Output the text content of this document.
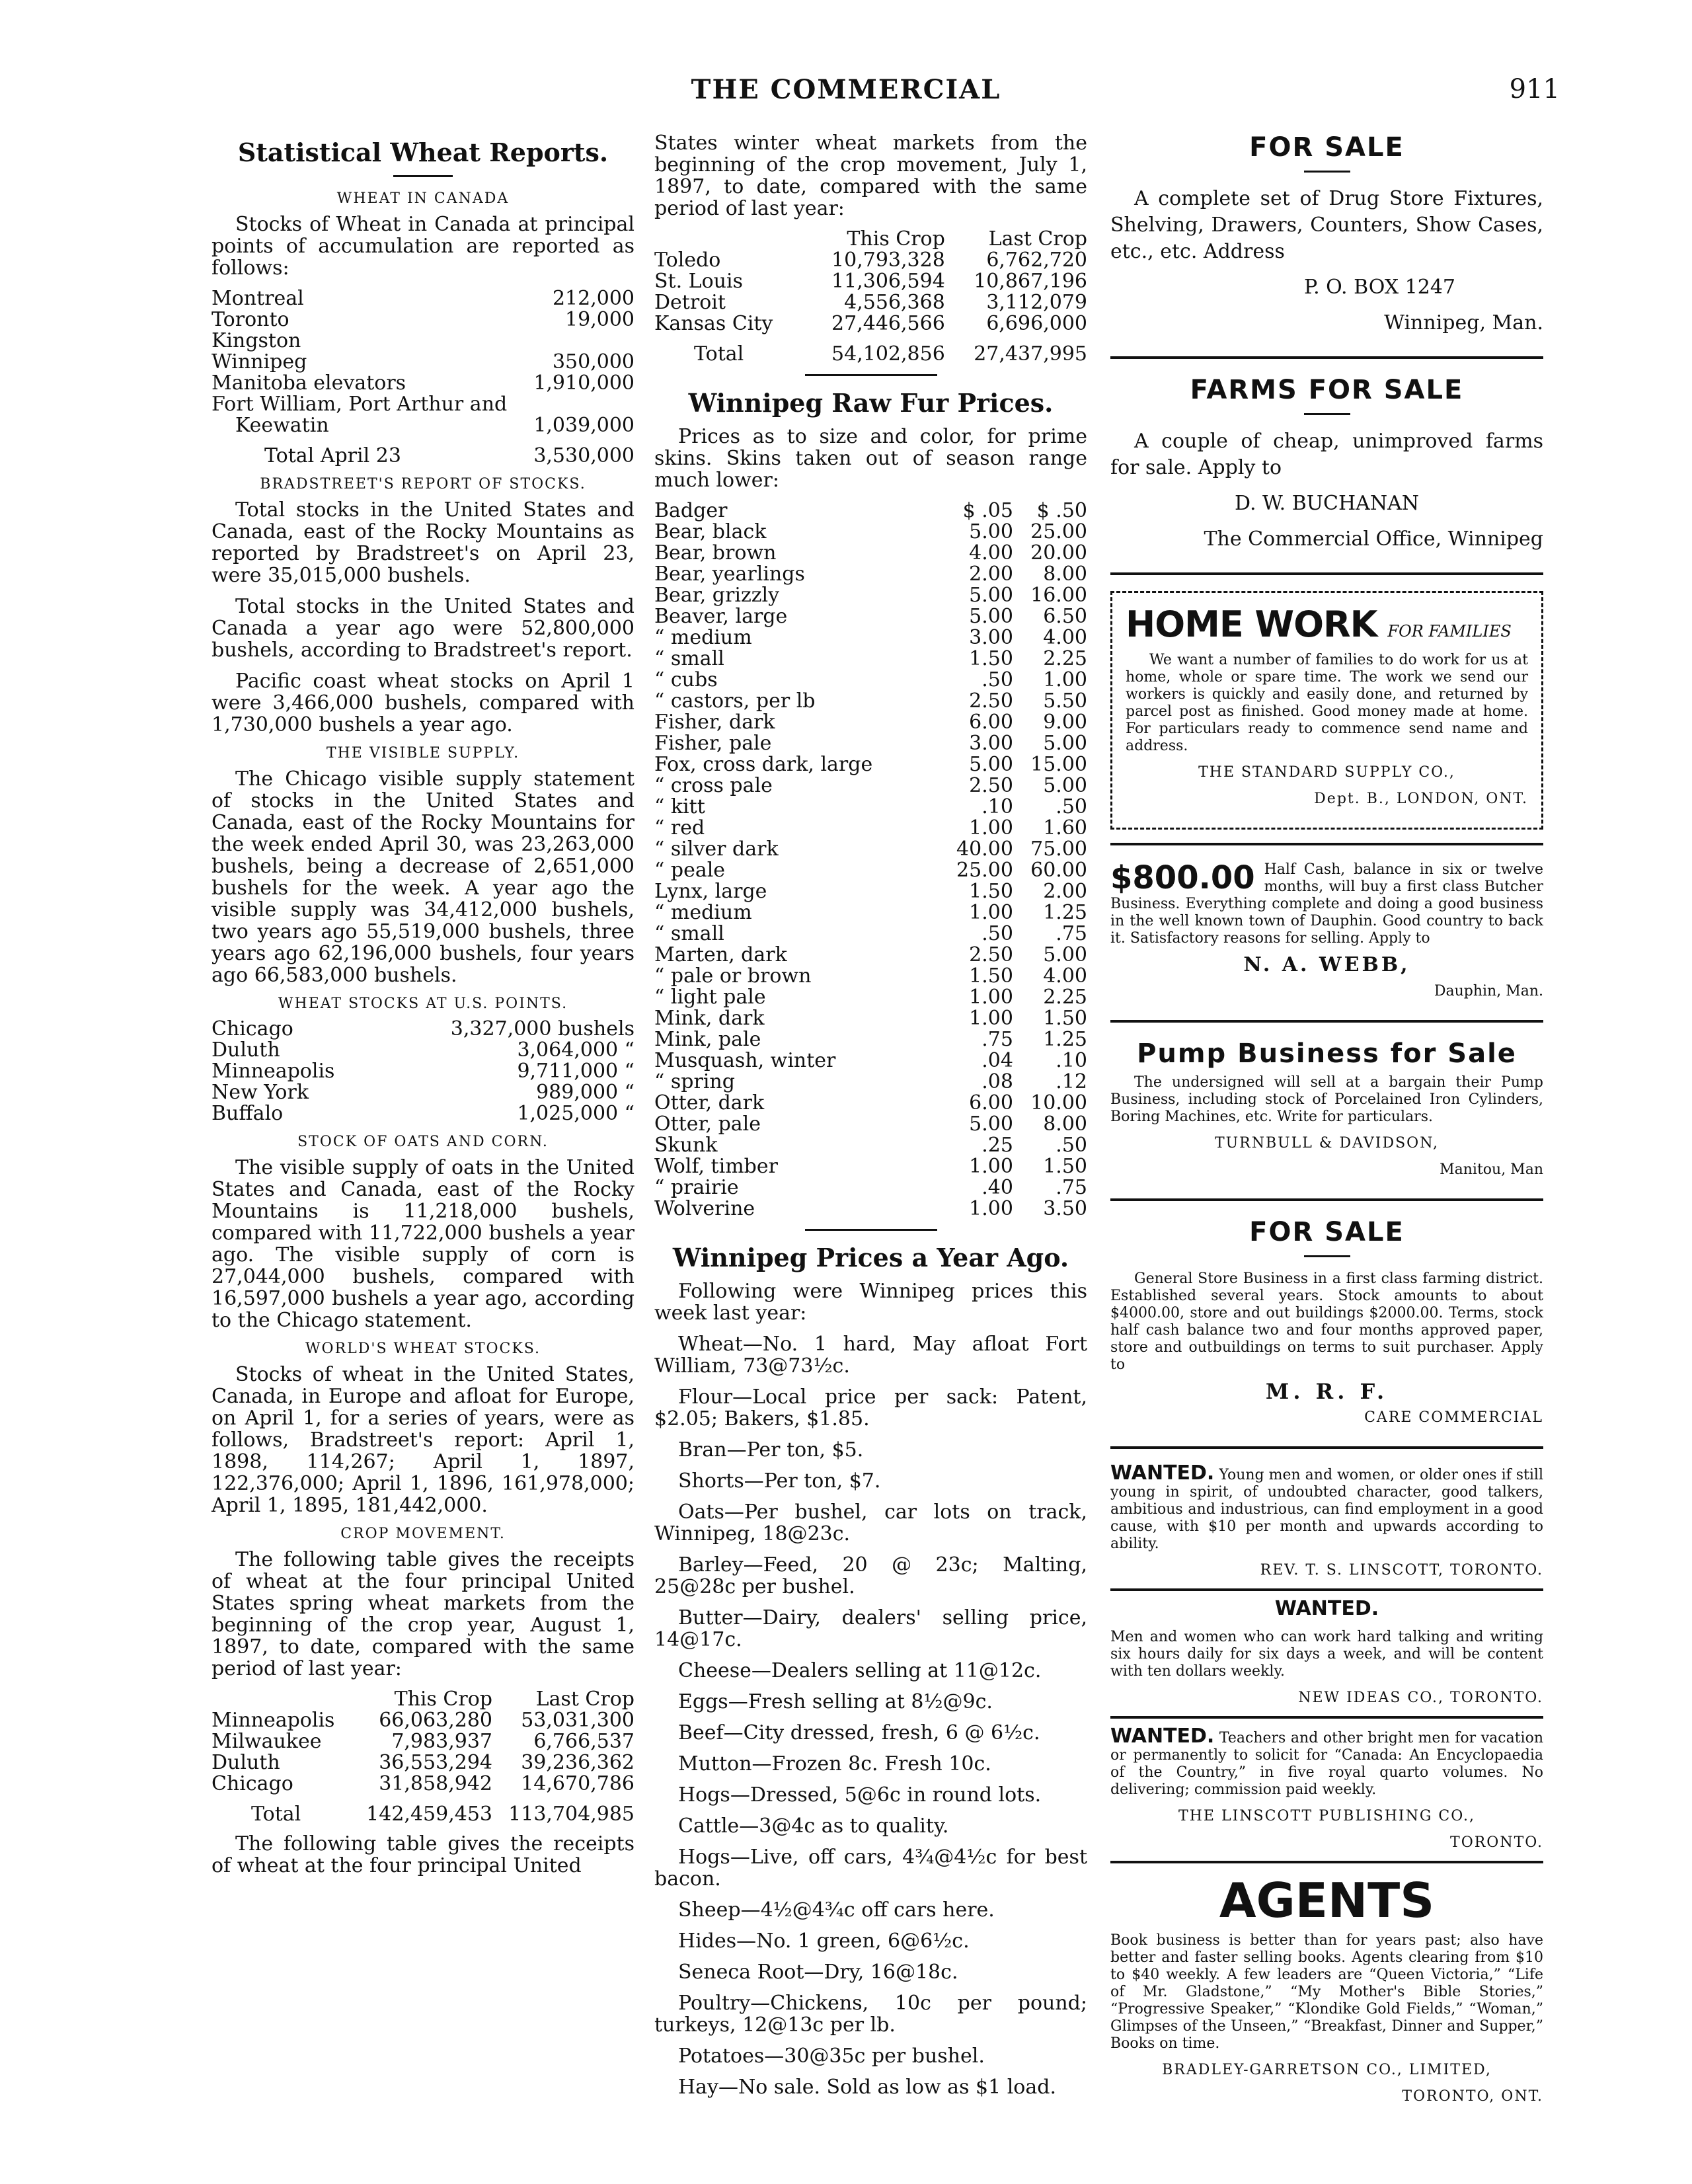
THE COMMERCIAL	911
Statistical Wheat Reports.
WHEAT IN CANADA

Stocks of Wheat in Canada at principal points of accumulation are reported as follows:

Montreal	212,000
Toronto	19,000
Kingston	
Winnipeg	350,000
Manitoba elevators	1,910,000
Fort William, Port Arthur and	
Keewatin	1,039,000
Total April 23	3,530,000
BRADSTREET'S REPORT OF STOCKS.

Total stocks in the United States and Canada, east of the Rocky Mountains as reported by Bradstreet's on April 23, were 35,015,000 bushels.

Total stocks in the United States and Canada a year ago were 52,800,000 bushels, according to Bradstreet's report.

Pacific coast wheat stocks on April 1 were 3,466,000 bushels, compared with 1,730,000 bushels a year ago.

THE VISIBLE SUPPLY.

The Chicago visible supply statement of stocks in the United States and Canada, east of the Rocky Mountains for the week ended April 30, was 23,263,000 bushels, being a decrease of 2,651,000 bushels for the week. A year ago the visible supply was 34,412,000 bushels, two years ago 55,519,000 bushels, three years ago 62,196,000 bushels, four years ago 66,583,000 bushels.

WHEAT STOCKS AT U.S. POINTS.
Chicago	3,327,000 bushels
Duluth	3,064,000 “
Minneapolis	9,711,000 “
New York	989,000 “
Buffalo	1,025,000 “
STOCK OF OATS AND CORN.

The visible supply of oats in the United States and Canada, east of the Rocky Mountains is 11,218,000 bushels, compared with 11,722,000 bushels a year ago. The visible supply of corn is 27,044,000 bushels, compared with 16,597,000 bushels a year ago, according to the Chicago statement.

WORLD'S WHEAT STOCKS.

Stocks of wheat in the United States, Canada, in Europe and afloat for Europe, on April 1, for a series of years, were as follows, Bradstreet's report: April 1, 1898, 114,267; April 1, 1897, 122,376,000; April 1, 1896, 161,978,000; April 1, 1895, 181,442,000.

CROP MOVEMENT.

The following table gives the receipts of wheat at the four principal United States spring wheat markets from the beginning of the crop year, August 1, 1897, to date, compared with the same period of last year:

	This Crop	Last Crop
Minneapolis	66,063,280	53,031,300
Milwaukee	7,983,937	6,766,537
Duluth	36,553,294	39,236,362
Chicago	31,858,942	14,670,786
Total	142,459,453	113,704,985

The following table gives the receipts of wheat at the four principal United

States winter wheat markets from the beginning of the crop movement, July 1, 1897, to date, compared with the same period of last year:

	This Crop	Last Crop
Toledo	10,793,328	6,762,720
St. Louis	11,306,594	10,867,196
Detroit	4,556,368	3,112,079
Kansas City	27,446,566	6,696,000
Total	54,102,856	27,437,995
Winnipeg Raw Fur Prices.

Prices as to size and color, for prime skins. Skins taken out of season range much lower:

Badger	$ .05	$ .50
Bear, black	5.00	25.00
Bear, brown	4.00	20.00
Bear, yearlings	2.00	8.00
Bear, grizzly	5.00	16.00
Beaver, large	5.00	6.50
“ medium	3.00	4.00
“ small	1.50	2.25
“ cubs	.50	1.00
“ castors, per lb	2.50	5.50
Fisher, dark	6.00	9.00
Fisher, pale	3.00	5.00
Fox, cross dark, large	5.00	15.00
“ cross pale	2.50	5.00
“ kitt	.10	.50
“ red	1.00	1.60
“ silver dark	40.00	75.00
“ peale	25.00	60.00
Lynx, large	1.50	2.00
“ medium	1.00	1.25
“ small	.50	.75
Marten, dark	2.50	5.00
“ pale or brown	1.50	4.00
“ light pale	1.00	2.25
Mink, dark	1.00	1.50
Mink, pale	.75	1.25
Musquash, winter	.04	.10
“ spring	.08	.12
Otter, dark	6.00	10.00
Otter, pale	5.00	8.00
Skunk	.25	.50
Wolf, timber	1.00	1.50
“ prairie	.40	.75
Wolverine	1.00	3.50
Winnipeg Prices a Year Ago.

Following were Winnipeg prices this week last year:

Wheat—No. 1 hard, May afloat Fort William, 73@73½c.

Flour—Local price per sack: Patent, $2.05; Bakers, $1.85.

Bran—Per ton, $5.

Shorts—Per ton, $7.

Oats—Per bushel, car lots on track, Winnipeg, 18@23c.

Barley—Feed, 20 @ 23c; Malting, 25@28c per bushel.

Butter—Dairy, dealers' selling price, 14@17c.

Cheese—Dealers selling at 11@12c.

Eggs—Fresh selling at 8½@9c.

Beef—City dressed, fresh, 6 @ 6½c.

Mutton—Frozen 8c. Fresh 10c.

Hogs—Dressed, 5@6c in round lots.

Cattle—3@4c as to quality.

Hogs—Live, off cars, 4¾@4½c for best bacon.

Sheep—4½@4¾c off cars here.

Hides—No. 1 green, 6@6½c.

Seneca Root—Dry, 16@18c.

Poultry—Chickens, 10c per pound; turkeys, 12@13c per lb.

Potatoes—30@35c per bushel.

Hay—No sale. Sold as low as $1 load.

FOR SALE

A complete set of Drug Store Fixtures, Shelving, Drawers, Counters, Show Cases, etc., etc. Address

P. O. BOX 1247

Winnipeg, Man.

FARMS FOR SALE

A couple of cheap, unimproved farms for sale. Apply to

D. W. BUCHANAN

The Commercial Office, Winnipeg

HOME WORK FOR FAMILIES

We want a number of families to do work for us at home, whole or spare time. The work we send our workers is quickly and easily done, and returned by parcel post as finished. Good money made at home. For particulars ready to commence send name and address.

THE STANDARD SUPPLY CO.,

Dept. B., LONDON, ONT.

$800.00 Half Cash, balance in six or twelve months, will buy a first class Butcher Business. Everything complete and doing a good business in the well known town of Dauphin. Good country to back it. Satisfactory reasons for selling. Apply to

N. A. WEBB,

Dauphin, Man.

Pump Business for Sale

The undersigned will sell at a bargain their Pump Business, including stock of Porcelained Iron Cylinders, Boring Machines, etc. Write for particulars.

TURNBULL & DAVIDSON,

Manitou, Man

FOR SALE

General Store Business in a first class farming district. Established several years. Stock amounts to about $4000.00, store and out buildings $2000.00. Terms, stock half cash balance two and four months approved paper, store and outbuildings on terms to suit purchaser. Apply to

M. R. F.

CARE COMMERCIAL

WANTED. Young men and women, or older ones if still young in spirit, of undoubted character, good talkers, ambitious and industrious, can find employment in a good cause, with $10 per month and upwards according to ability.

REV. T. S. LINSCOTT, TORONTO.

WANTED.

Men and women who can work hard talking and writing six hours daily for six days a week, and will be content with ten dollars weekly.

NEW IDEAS CO., TORONTO.

WANTED. Teachers and other bright men for vacation or permanently to solicit for “Canada: An Encyclopaedia of the Country,” in five royal quarto volumes. No delivering; commission paid weekly.

THE LINSCOTT PUBLISHING CO.,

TORONTO.

AGENTS

Book business is better than for years past; also have better and faster selling books. Agents clearing from $10 to $40 weekly. A few leaders are “Queen Victoria,” “Life of Mr. Gladstone,” “My Mother's Bible Stories,” “Progressive Speaker,” “Klondike Gold Fields,” “Woman,” Glimpses of the Unseen,” “Breakfast, Dinner and Supper,” Books on time.

BRADLEY-GARRETSON CO., LIMITED,

TORONTO, ONT.
